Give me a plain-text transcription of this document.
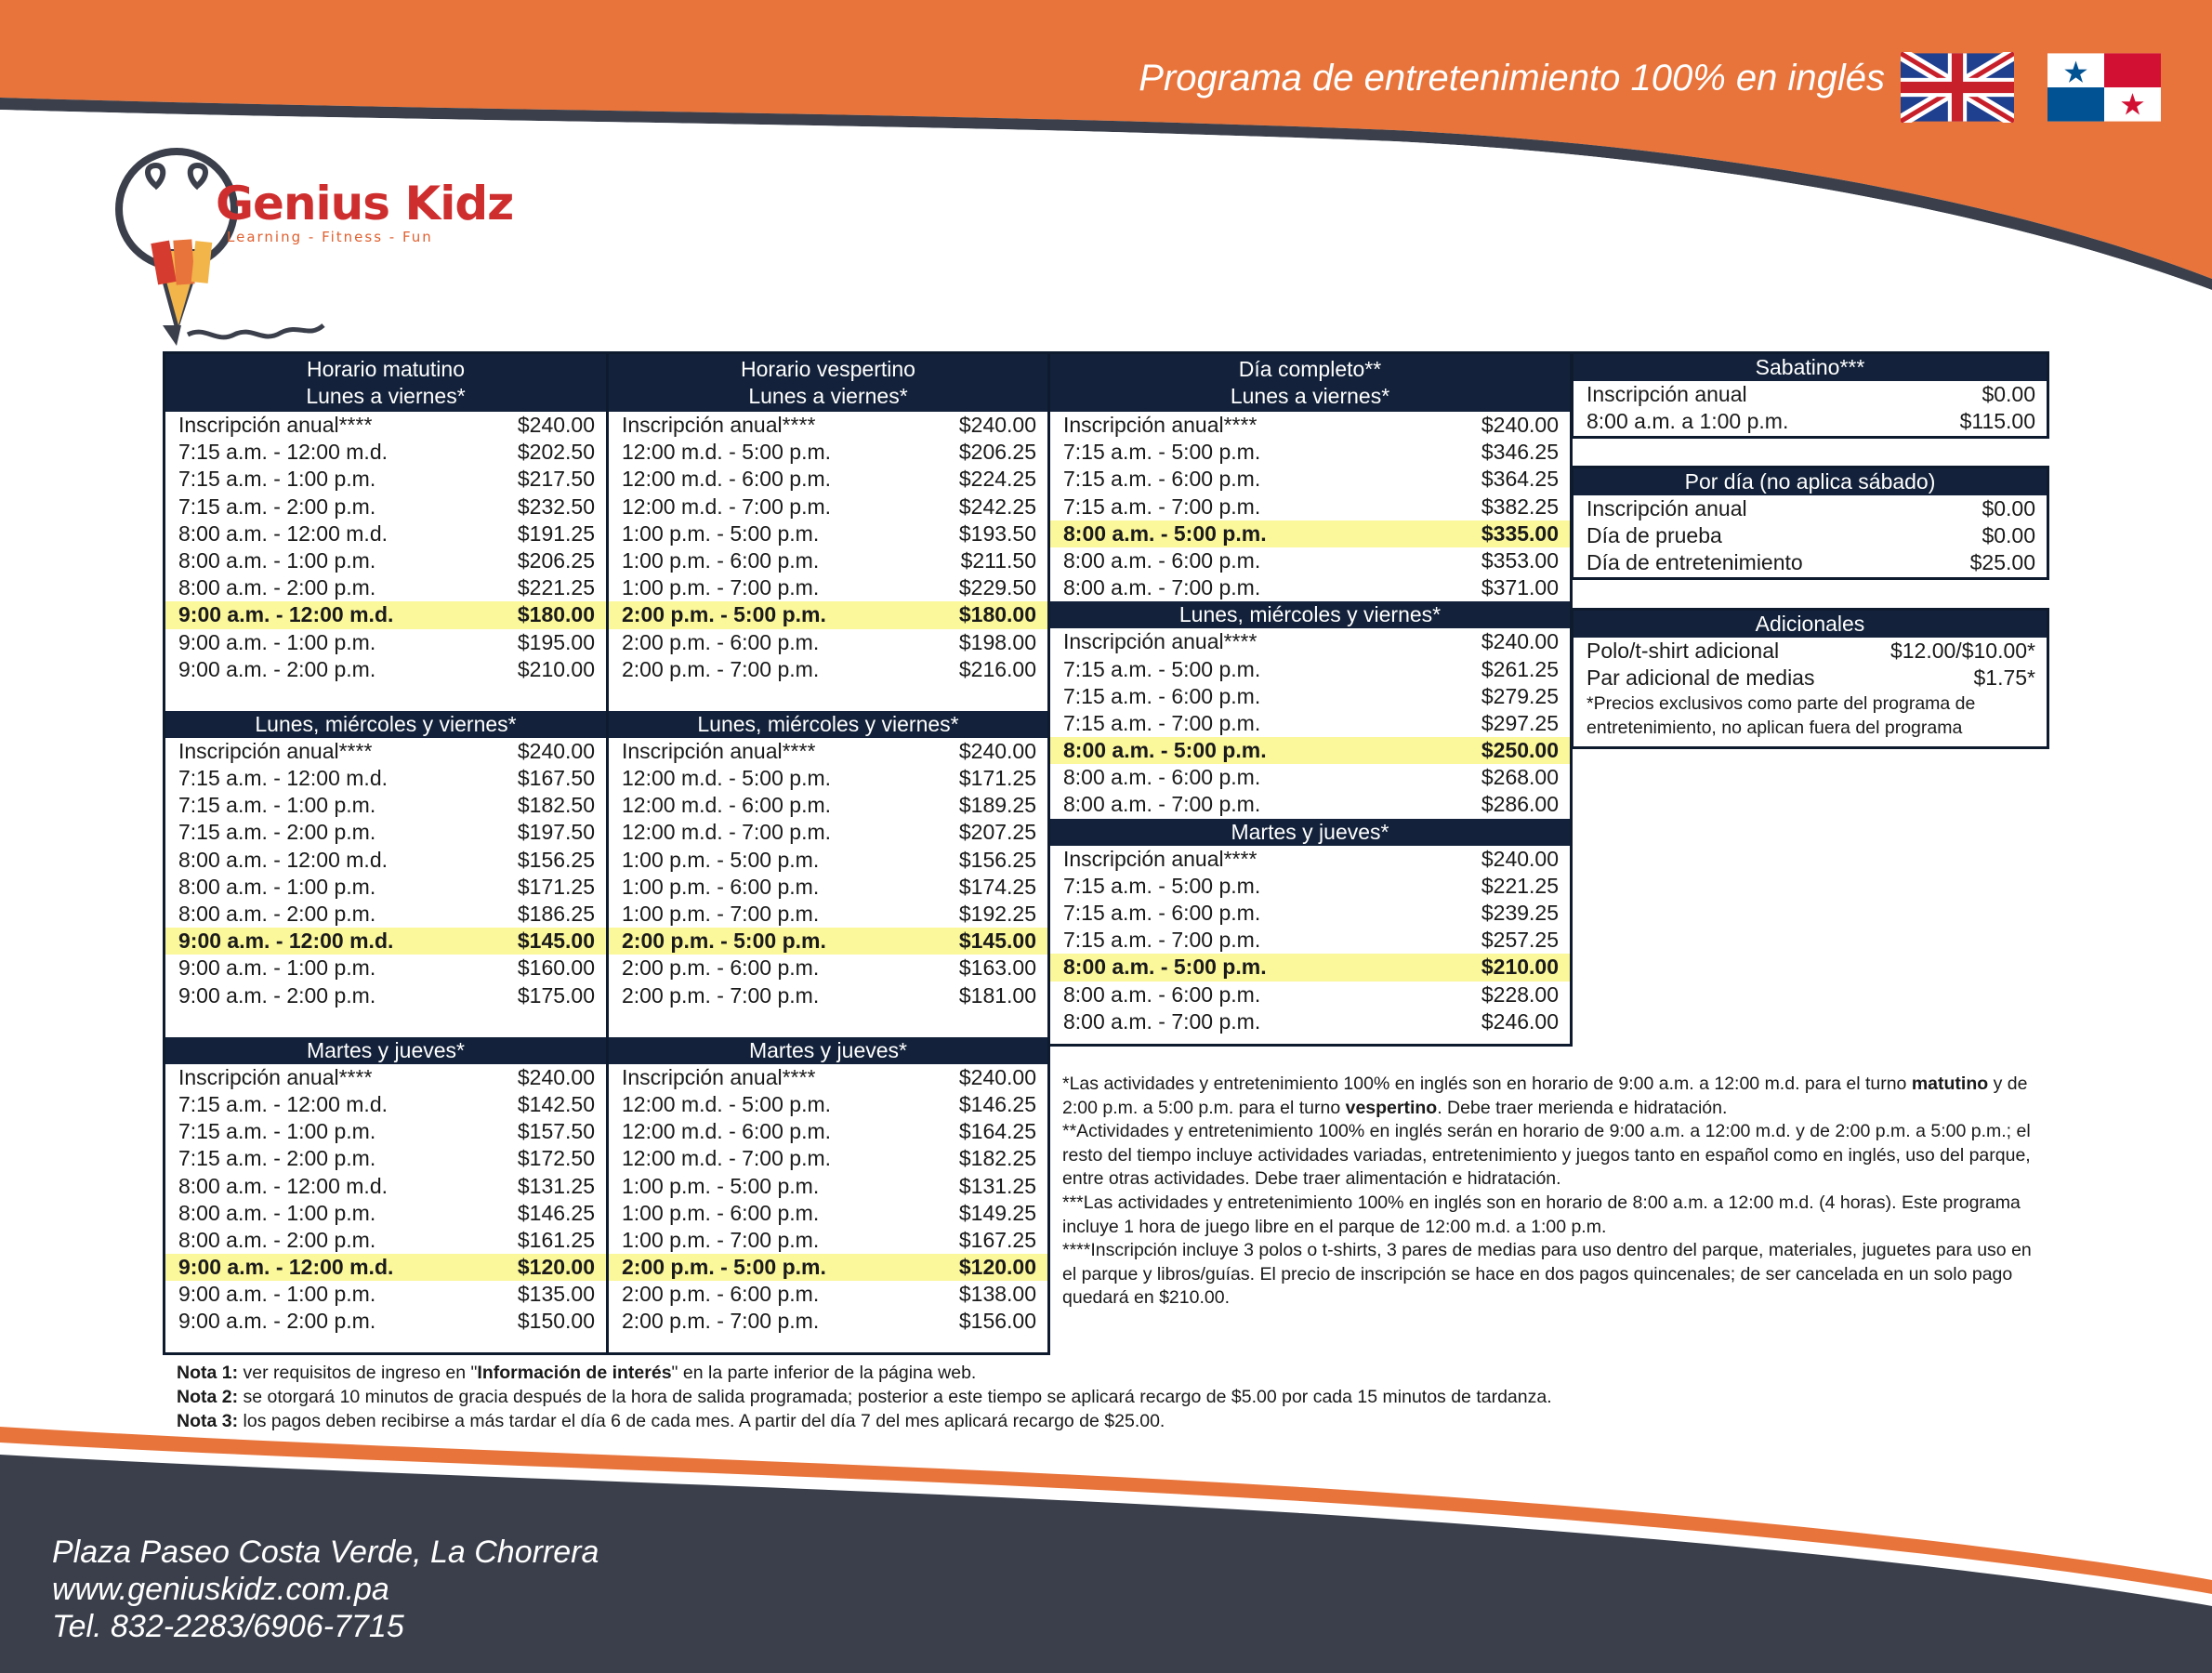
Programa de entretenimiento 100% en inglés
Genius Kidz
Learning - Fitness - Fun
Horario matutino
Lunes a viernes*
Inscripción anual****	$240.00
7:15 a.m. - 12:00 m.d.	$202.50
7:15 a.m. - 1:00 p.m.	$217.50
7:15 a.m. - 2:00 p.m.	$232.50
8:00 a.m. - 12:00 m.d.	$191.25
8:00 a.m. - 1:00 p.m.	$206.25
8:00 a.m. - 2:00 p.m.	$221.25
9:00 a.m. - 12:00 m.d.	$180.00
9:00 a.m. - 1:00 p.m.	$195.00
9:00 a.m. - 2:00 p.m.	$210.00
Lunes, miércoles y viernes*
Inscripción anual****	$240.00
7:15 a.m. - 12:00 m.d.	$167.50
7:15 a.m. - 1:00 p.m.	$182.50
7:15 a.m. - 2:00 p.m.	$197.50
8:00 a.m. - 12:00 m.d.	$156.25
8:00 a.m. - 1:00 p.m.	$171.25
8:00 a.m. - 2:00 p.m.	$186.25
9:00 a.m. - 12:00 m.d.	$145.00
9:00 a.m. - 1:00 p.m.	$160.00
9:00 a.m. - 2:00 p.m.	$175.00
Martes y jueves*
Inscripción anual****	$240.00
7:15 a.m. - 12:00 m.d.	$142.50
7:15 a.m. - 1:00 p.m.	$157.50
7:15 a.m. - 2:00 p.m.	$172.50
8:00 a.m. - 12:00 m.d.	$131.25
8:00 a.m. - 1:00 p.m.	$146.25
8:00 a.m. - 2:00 p.m.	$161.25
9:00 a.m. - 12:00 m.d.	$120.00
9:00 a.m. - 1:00 p.m.	$135.00
9:00 a.m. - 2:00 p.m.	$150.00
Horario vespertino
Lunes a viernes*
Inscripción anual****	$240.00
12:00 m.d. - 5:00 p.m.	$206.25
12:00 m.d. - 6:00 p.m.	$224.25
12:00 m.d. - 7:00 p.m.	$242.25
1:00 p.m. - 5:00 p.m.	$193.50
1:00 p.m. - 6:00 p.m.	$211.50
1:00 p.m. - 7:00 p.m.	$229.50
2:00 p.m. - 5:00 p.m.	$180.00
2:00 p.m. - 6:00 p.m.	$198.00
2:00 p.m. - 7:00 p.m.	$216.00
Lunes, miércoles y viernes*
Inscripción anual****	$240.00
12:00 m.d. - 5:00 p.m.	$171.25
12:00 m.d. - 6:00 p.m.	$189.25
12:00 m.d. - 7:00 p.m.	$207.25
1:00 p.m. - 5:00 p.m.	$156.25
1:00 p.m. - 6:00 p.m.	$174.25
1:00 p.m. - 7:00 p.m.	$192.25
2:00 p.m. - 5:00 p.m.	$145.00
2:00 p.m. - 6:00 p.m.	$163.00
2:00 p.m. - 7:00 p.m.	$181.00
Martes y jueves*
Inscripción anual****	$240.00
12:00 m.d. - 5:00 p.m.	$146.25
12:00 m.d. - 6:00 p.m.	$164.25
12:00 m.d. - 7:00 p.m.	$182.25
1:00 p.m. - 5:00 p.m.	$131.25
1:00 p.m. - 6:00 p.m.	$149.25
1:00 p.m. - 7:00 p.m.	$167.25
2:00 p.m. - 5:00 p.m.	$120.00
2:00 p.m. - 6:00 p.m.	$138.00
2:00 p.m. - 7:00 p.m.	$156.00
Día completo**
Lunes a viernes*
Inscripción anual****	$240.00
7:15 a.m. - 5:00 p.m.	$346.25
7:15 a.m. - 6:00 p.m.	$364.25
7:15 a.m. - 7:00 p.m.	$382.25
8:00 a.m. - 5:00 p.m.	$335.00
8:00 a.m. - 6:00 p.m.	$353.00
8:00 a.m. - 7:00 p.m.	$371.00
Lunes, miércoles y viernes*
Inscripción anual****	$240.00
7:15 a.m. - 5:00 p.m.	$261.25
7:15 a.m. - 6:00 p.m.	$279.25
7:15 a.m. - 7:00 p.m.	$297.25
8:00 a.m. - 5:00 p.m.	$250.00
8:00 a.m. - 6:00 p.m.	$268.00
8:00 a.m. - 7:00 p.m.	$286.00
Martes y jueves*
Inscripción anual****	$240.00
7:15 a.m. - 5:00 p.m.	$221.25
7:15 a.m. - 6:00 p.m.	$239.25
7:15 a.m. - 7:00 p.m.	$257.25
8:00 a.m. - 5:00 p.m.	$210.00
8:00 a.m. - 6:00 p.m.	$228.00
8:00 a.m. - 7:00 p.m.	$246.00
Sabatino***
Inscripción anual	$0.00
8:00 a.m. a 1:00 p.m.	$115.00
Por día (no aplica sábado)
Inscripción anual	$0.00
Día de prueba	$0.00
Día de entretenimiento	$25.00
Adicionales
Polo/t-shirt adicional	$12.00/$10.00*
Par adicional de medias	$1.75*
*Precios exclusivos como parte del programa de entretenimiento, no aplican fuera del programa
*Las actividades y entretenimiento 100% en inglés son en horario de 9:00 a.m. a 12:00 m.d. para el turno matutino y de 2:00 p.m. a 5:00 p.m. para el turno vespertino. Debe traer merienda e hidratación.
**Actividades y entretenimiento 100% en inglés serán en horario de 9:00 a.m. a 12:00 m.d. y de 2:00 p.m. a 5:00 p.m.; el resto del tiempo incluye actividades variadas, entretenimiento y juegos tanto en español como en inglés, uso del parque, entre otras actividades. Debe traer alimentación e hidratación.
***Las actividades y entretenimiento 100% en inglés son en horario de 8:00 a.m. a 12:00 m.d. (4 horas). Este programa incluye 1 hora de juego libre en el parque de 12:00 m.d. a 1:00 p.m.
****Inscripción incluye 3 polos o t-shirts, 3 pares de medias para uso dentro del parque, materiales, juguetes para uso en el parque y libros/guías. El precio de inscripción se hace en dos pagos quincenales; de ser cancelada en un solo pago quedará en $210.00.
Nota 1: ver requisitos de ingreso en "Información de interés" en la parte inferior de la página web.
Nota 2: se otorgará 10 minutos de gracia después de la hora de salida programada; posterior a este tiempo se aplicará recargo de $5.00 por cada 15 minutos de tardanza.
Nota 3: los pagos deben recibirse a más tardar el día 6 de cada mes. A partir del día 7 del mes aplicará recargo de $25.00.
Plaza Paseo Costa Verde, La Chorrera
www.geniuskidz.com.pa
Tel. 832-2283/6906-7715
